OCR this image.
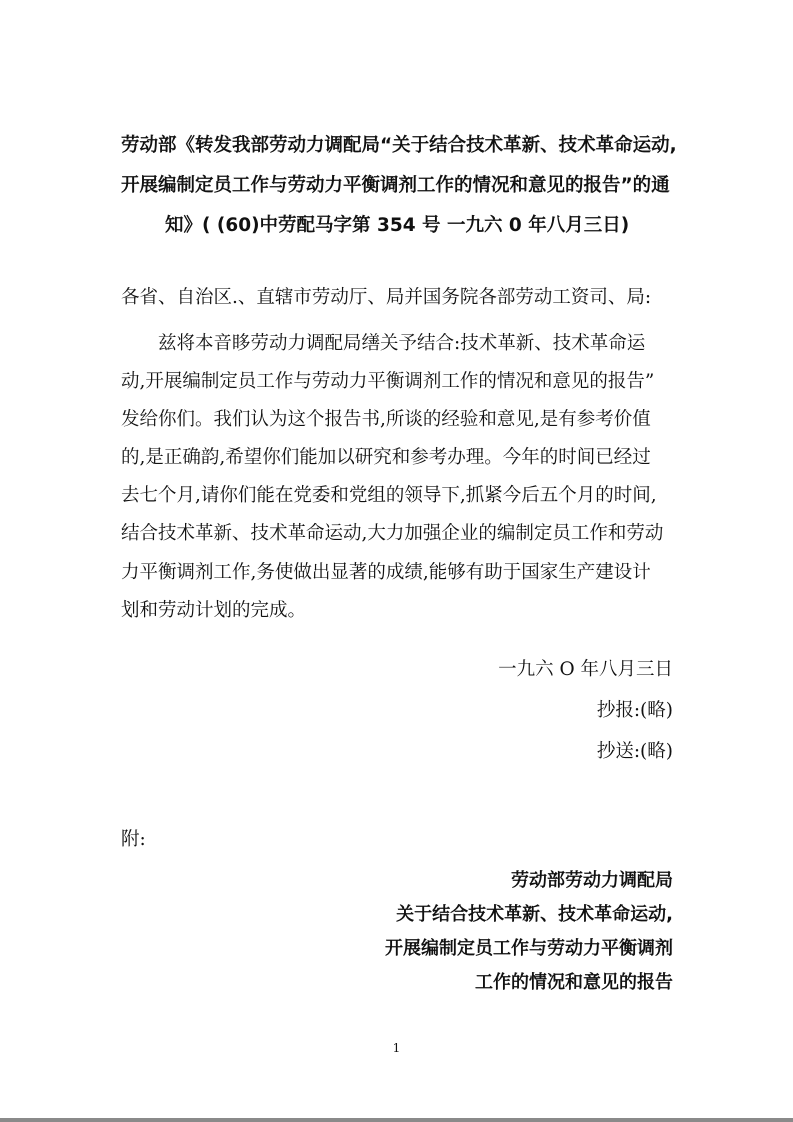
劳动部《转发我部劳动力调配局“关于结合技术革新、技术革命运动,
开展编制定员工作与劳动力平衡调剂工作的情况和意见的报告”的通
知》( (60)中劳配马字第 354 号 一九六 0 年八月三日)
各省、自治区.、直辖市劳动厅、局并国务院各部劳动工资司、局:
兹将本音眵劳动力调配局缮关予结合:技术革新、技术革命运
动,开展编制定员工作与劳动力平衡调剂工作的情况和意见的报告”
发给你们。我们认为这个报告书,所谈的经验和意见,是有参考价值
的,是正确韵,希望你们能加以研究和参考办理。今年的时间已经过
去七个月,请你们能在党委和党组的领导下,抓紧今后五个月的时间,
结合技术革新、技术革命运动,大力加强企业的编制定员工作和劳动
力平衡调剂工作,务使做出显著的成绩,能够有助于国家生产建设计
划和劳动计划的完成。
一九六 O 年八月三日
抄报:(略)
抄送:(略)
附:
劳动部劳动力调配局
关于结合技术革新、技术革命运动,
开展编制定员工作与劳动力平衡调剂
工作的情况和意见的报告
1
